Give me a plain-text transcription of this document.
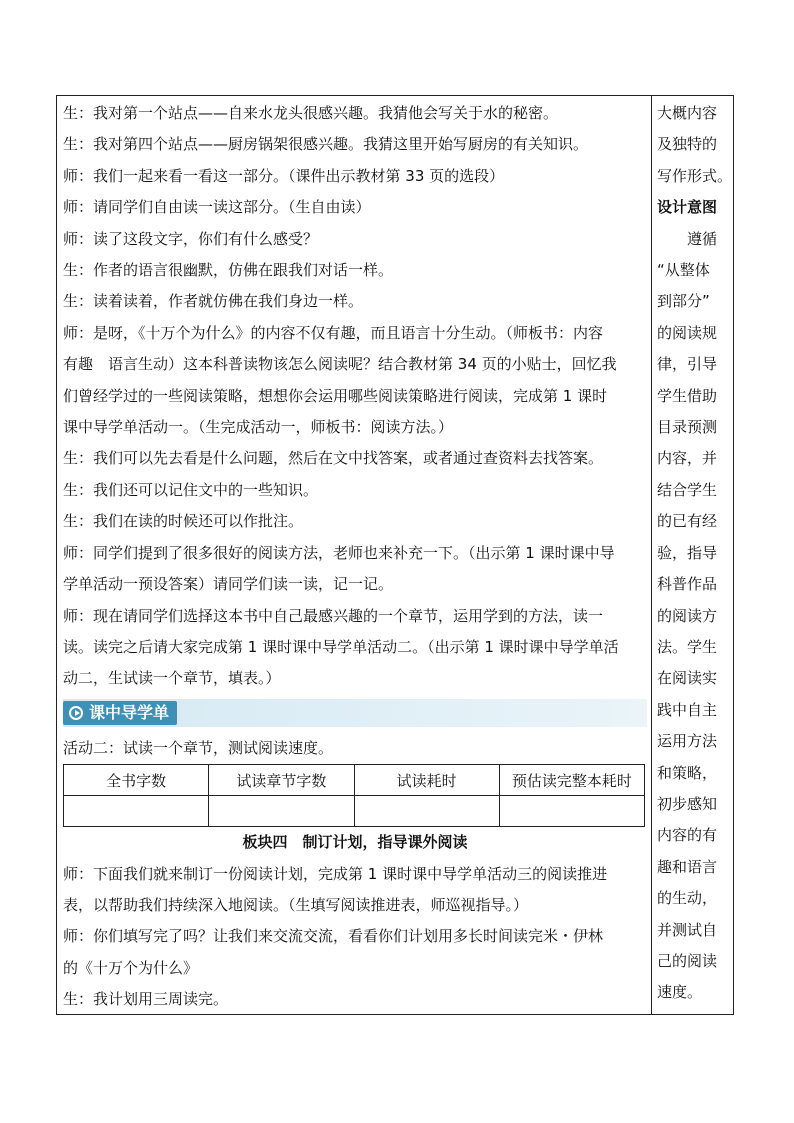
生：我对第一个站点——自来水龙头很感兴趣。我猜他会写关于水的秘密。
生：我对第四个站点——厨房锅架很感兴趣。我猜这里开始写厨房的有关知识。
师：我们一起来看一看这一部分。（课件出示教材第 33 页的选段）
师：请同学们自由读一读这部分。（生自由读）
师：读了这段文字，你们有什么感受？
生：作者的语言很幽默，仿佛在跟我们对话一样。
生：读着读着，作者就仿佛在我们身边一样。
师：是呀，《十万个为什么》的内容不仅有趣，而且语言十分生动。（师板书：内容
有趣　语言生动）这本科普读物该怎么阅读呢？结合教材第 34 页的小贴士，回忆我
们曾经学过的一些阅读策略，想想你会运用哪些阅读策略进行阅读，完成第 1 课时
课中导学单活动一。（生完成活动一，师板书：阅读方法。）
生：我们可以先去看是什么问题，然后在文中找答案，或者通过查资料去找答案。
生：我们还可以记住文中的一些知识。
生：我们在读的时候还可以作批注。
师：同学们提到了很多很好的阅读方法，老师也来补充一下。（出示第 1 课时课中导
学单活动一预设答案）请同学们读一读，记一记。
师：现在请同学们选择这本书中自己最感兴趣的一个章节，运用学到的方法，读一
读。读完之后请大家完成第 1 课时课中导学单活动二。（出示第 1 课时课中导学单活
动二，生试读一个章节，填表。）
课中导学单
活动二：试读一个章节，测试阅读速度。
全书字数	试读章节字数	试读耗时	预估读完整本耗时

板块四　制订计划，指导课外阅读
师：下面我们就来制订一份阅读计划，完成第 1 课时课中导学单活动三的阅读推进
表，以帮助我们持续深入地阅读。（生填写阅读推进表，师巡视指导。）
师：你们填写完了吗？让我们来交流交流，看看你们计划用多长时间读完米・伊林
的《十万个为什么》
生：我计划用三周读完。
大概内容
及独特的
写作形式。
设计意图
遵循
“从整体
到部分”
的阅读规
律，引导
学生借助
目录预测
内容，并
结合学生
的已有经
验，指导
科普作品
的阅读方
法。学生
在阅读实
践中自主
运用方法
和策略，
初步感知
内容的有
趣和语言
的生动，
并测试自
己的阅读
速度。
